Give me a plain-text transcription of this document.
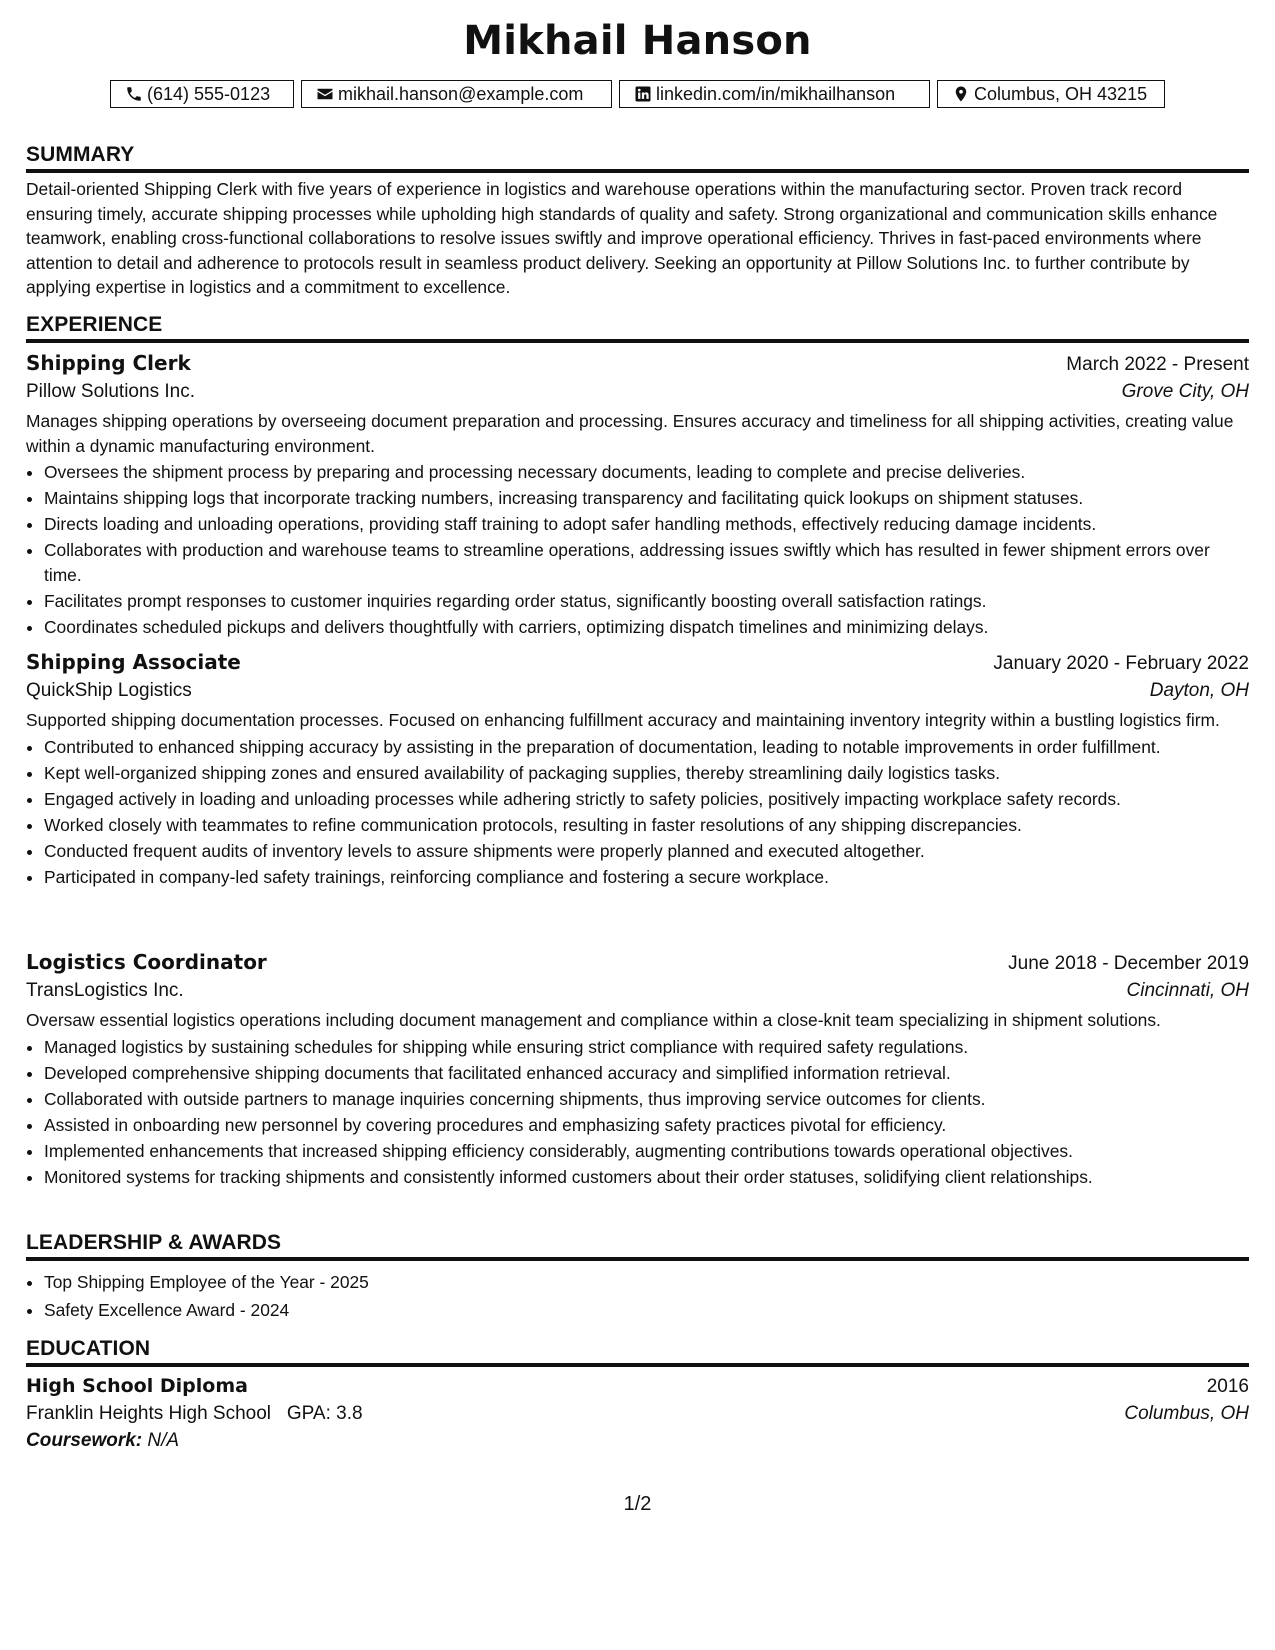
Mikhail Hanson
(614) 555-0123	mikhail.hanson@example.com	linkedin.com/in/mikhailhanson	Columbus, OH 43215
SUMMARY
Detail-oriented Shipping Clerk with five years of experience in logistics and warehouse operations within the manufacturing sector. Proven track record ensuring timely, accurate shipping processes while upholding high standards of quality and safety. Strong organizational and communication skills enhance teamwork, enabling cross-functional collaborations to resolve issues swiftly and improve operational efficiency. Thrives in fast-paced environments where attention to detail and adherence to protocols result in seamless product delivery. Seeking an opportunity at Pillow Solutions Inc. to further contribute by applying expertise in logistics and a commitment to excellence.
EXPERIENCE
Shipping Clerk	March 2022 - Present
Pillow Solutions Inc.	Grove City, OH
Manages shipping operations by overseeing document preparation and processing. Ensures accuracy and timeliness for all shipping activities, creating value within a dynamic manufacturing environment.
• Oversees the shipment process by preparing and processing necessary documents, leading to complete and precise deliveries.
• Maintains shipping logs that incorporate tracking numbers, increasing transparency and facilitating quick lookups on shipment statuses.
• Directs loading and unloading operations, providing staff training to adopt safer handling methods, effectively reducing damage incidents.
• Collaborates with production and warehouse teams to streamline operations, addressing issues swiftly which has resulted in fewer shipment errors over time.
• Facilitates prompt responses to customer inquiries regarding order status, significantly boosting overall satisfaction ratings.
• Coordinates scheduled pickups and delivers thoughtfully with carriers, optimizing dispatch timelines and minimizing delays.
Shipping Associate	January 2020 - February 2022
QuickShip Logistics	Dayton, OH
Supported shipping documentation processes. Focused on enhancing fulfillment accuracy and maintaining inventory integrity within a bustling logistics firm.
• Contributed to enhanced shipping accuracy by assisting in the preparation of documentation, leading to notable improvements in order fulfillment.
• Kept well-organized shipping zones and ensured availability of packaging supplies, thereby streamlining daily logistics tasks.
• Engaged actively in loading and unloading processes while adhering strictly to safety policies, positively impacting workplace safety records.
• Worked closely with teammates to refine communication protocols, resulting in faster resolutions of any shipping discrepancies.
• Conducted frequent audits of inventory levels to assure shipments were properly planned and executed altogether.
• Participated in company-led safety trainings, reinforcing compliance and fostering a secure workplace.
Logistics Coordinator	June 2018 - December 2019
TransLogistics Inc.	Cincinnati, OH
Oversaw essential logistics operations including document management and compliance within a close-knit team specializing in shipment solutions.
• Managed logistics by sustaining schedules for shipping while ensuring strict compliance with required safety regulations.
• Developed comprehensive shipping documents that facilitated enhanced accuracy and simplified information retrieval.
• Collaborated with outside partners to manage inquiries concerning shipments, thus improving service outcomes for clients.
• Assisted in onboarding new personnel by covering procedures and emphasizing safety practices pivotal for efficiency.
• Implemented enhancements that increased shipping efficiency considerably, augmenting contributions towards operational objectives.
• Monitored systems for tracking shipments and consistently informed customers about their order statuses, solidifying client relationships.
LEADERSHIP & AWARDS
• Top Shipping Employee of the Year - 2025
• Safety Excellence Award - 2024
EDUCATION
High School Diploma	2016
Franklin Heights High School GPA: 3.8	Columbus, OH
Coursework: N/A
1/2
